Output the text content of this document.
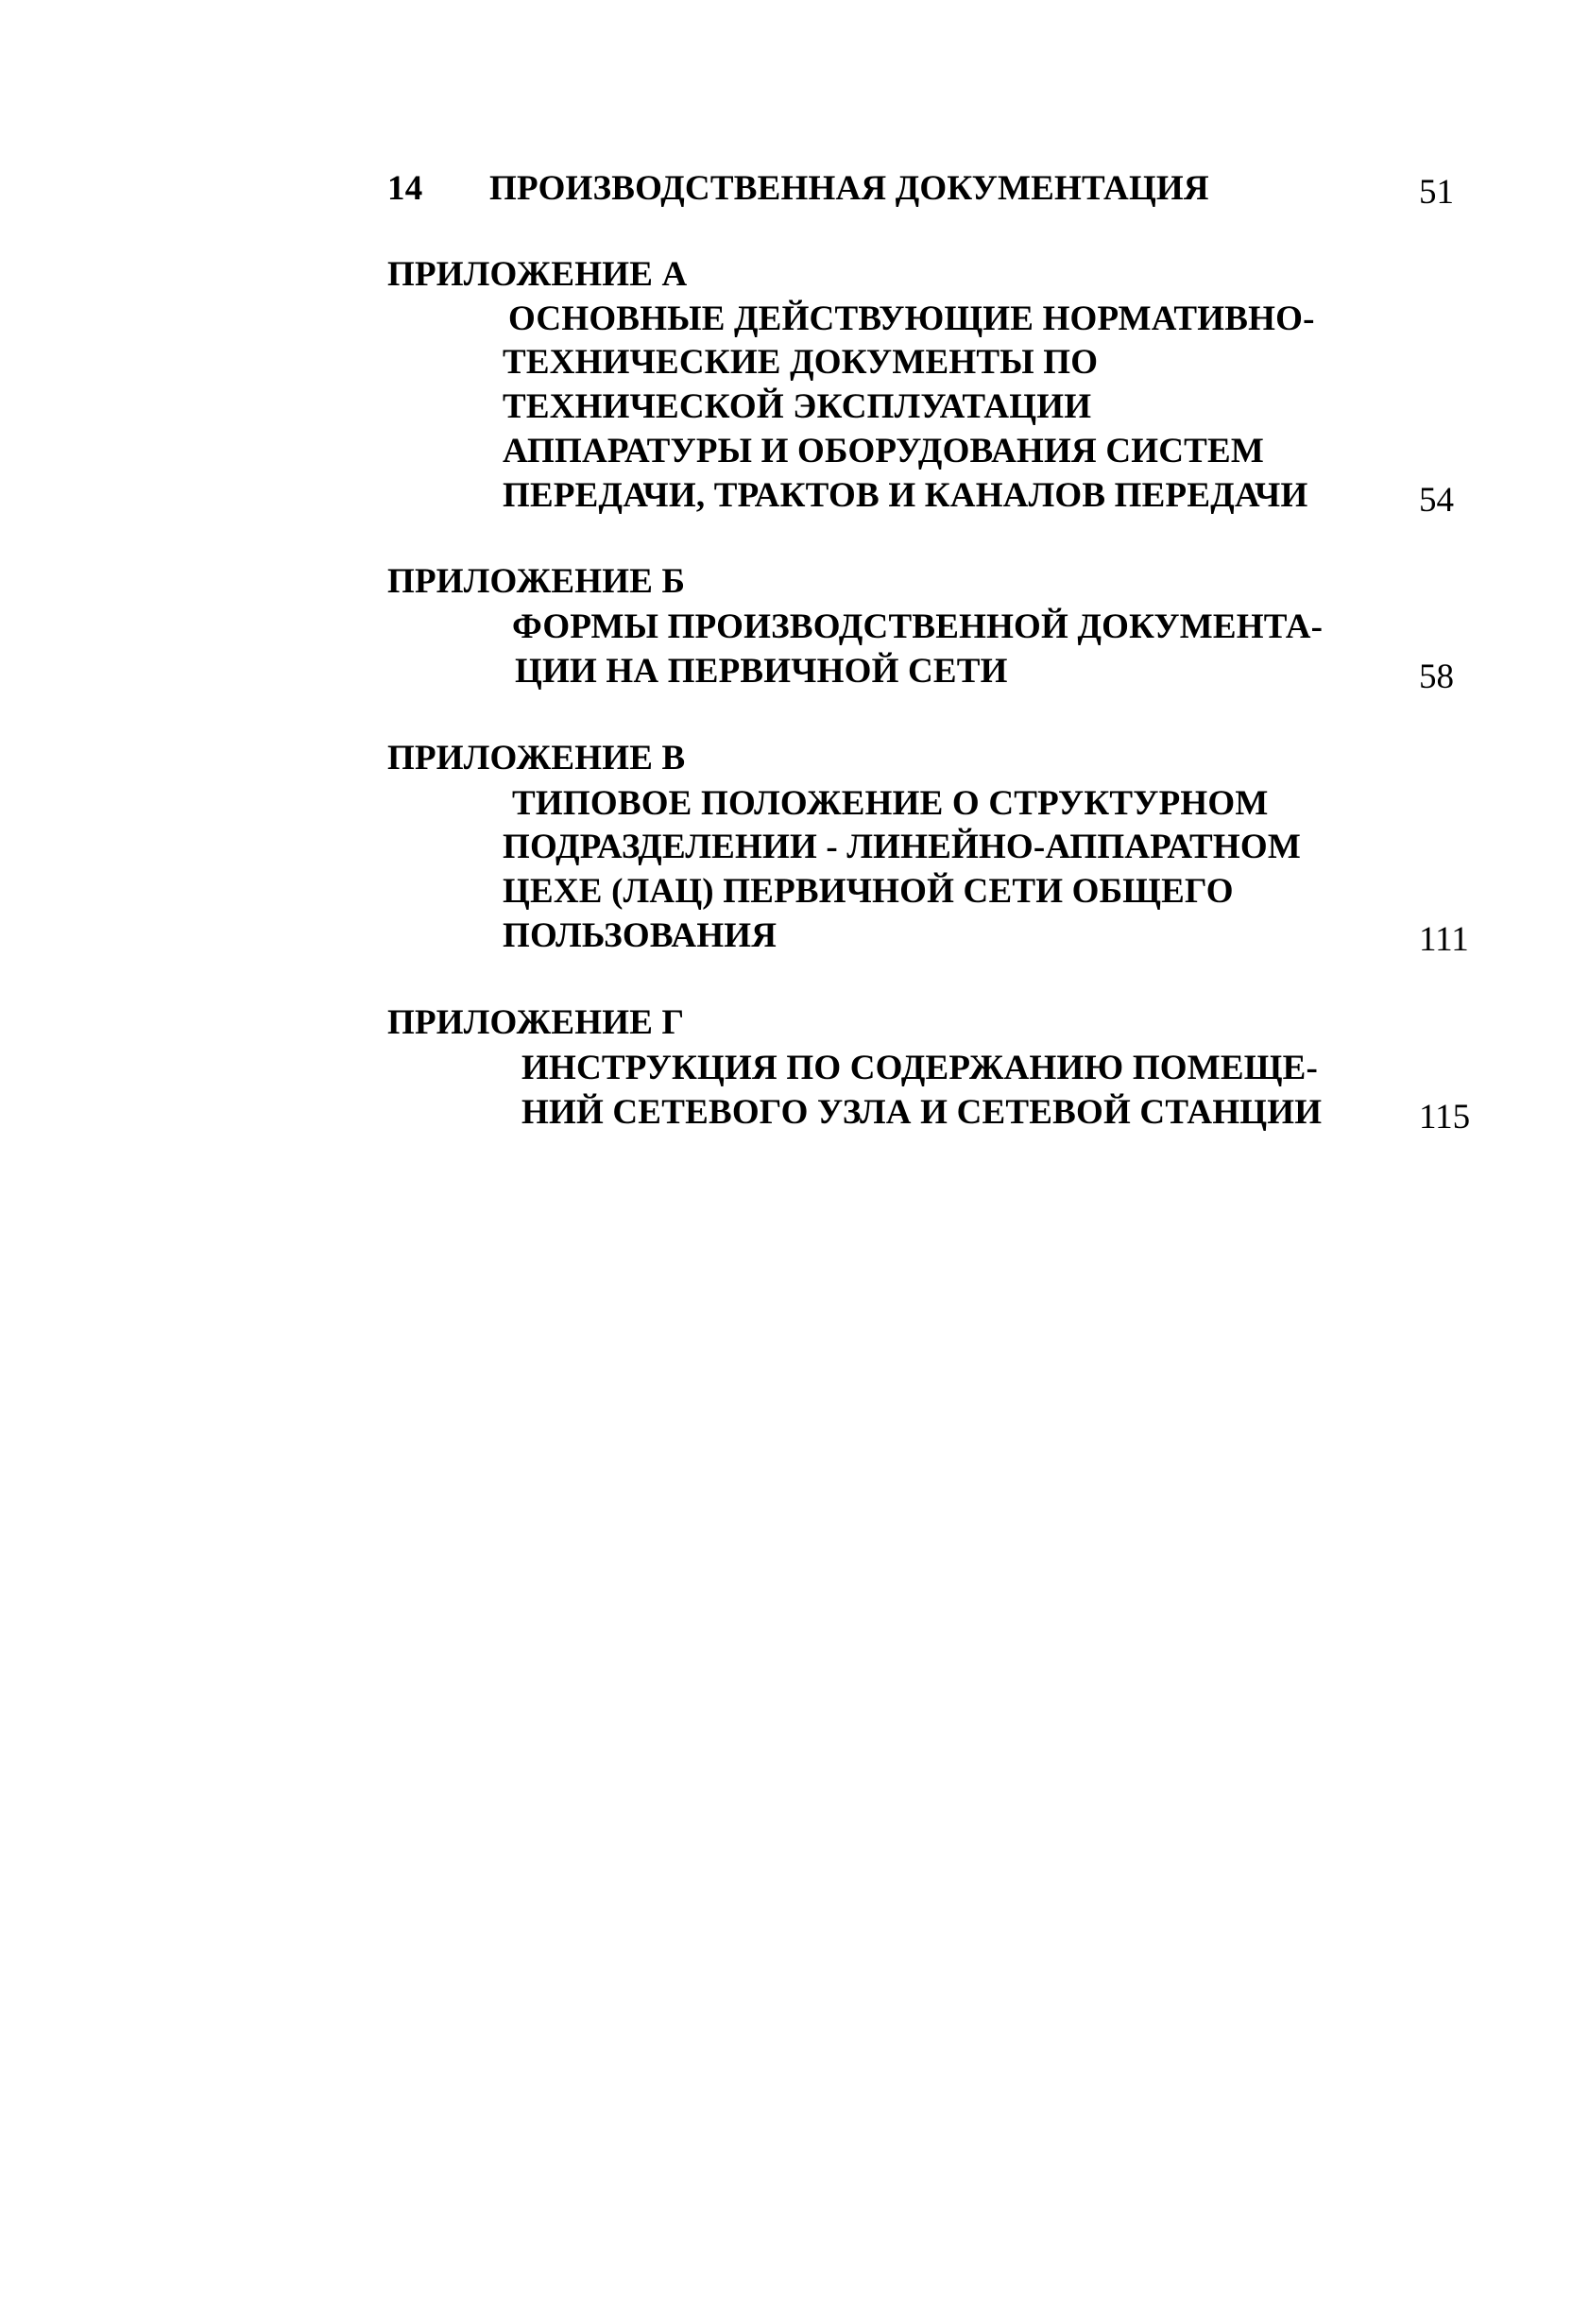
14 ПРОИЗВОДСТВЕННАЯ ДОКУМЕНТАЦИЯ	51
ПРИЛОЖЕНИЕ А
ОСНОВНЫЕ ДЕЙСТВУЮЩИЕ НОРМАТИВНО-
ТЕХНИЧЕСКИЕ ДОКУМЕНТЫ ПО
ТЕХНИЧЕСКОЙ ЭКСПЛУАТАЦИИ
АППАРАТУРЫ И ОБОРУДОВАНИЯ СИСТЕМ
ПЕРЕДАЧИ, ТРАКТОВ И КАНАЛОВ ПЕРЕДАЧИ	54
ПРИЛОЖЕНИЕ Б
ФОРМЫ ПРОИЗВОДСТВЕННОЙ ДОКУМЕНТА-
ЦИИ НА ПЕРВИЧНОЙ СЕТИ	58
ПРИЛОЖЕНИЕ В
ТИПОВОЕ ПОЛОЖЕНИЕ О СТРУКТУРНОМ
ПОДРАЗДЕЛЕНИИ - ЛИНЕЙНО-АППАРАТНОМ
ЦЕХЕ (ЛАЦ) ПЕРВИЧНОЙ СЕТИ ОБЩЕГО
ПОЛЬЗОВАНИЯ	111
ПРИЛОЖЕНИЕ Г
ИНСТРУКЦИЯ ПО СОДЕРЖАНИЮ ПОМЕЩЕ-
НИЙ СЕТЕВОГО УЗЛА И СЕТЕВОЙ СТАНЦИИ	115
